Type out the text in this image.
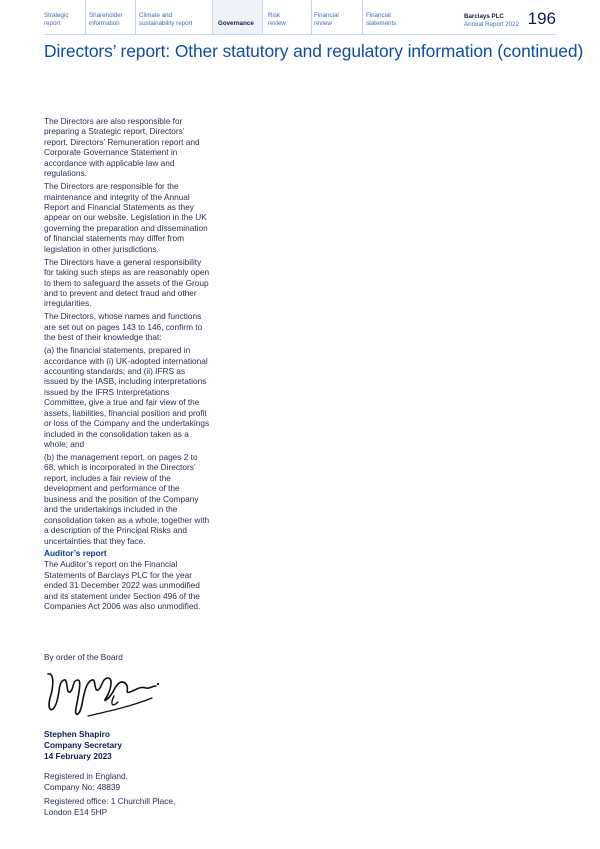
Strategic
report
Shareholder
information
Climate and
sustainability report	Governance
Risk
review
Financial
review
Financial
statements
Barclays PLC
Annual Report 2022 196
Directors’ report: Other statutory and regulatory information (continued)

The Directors are also responsible for preparing a Strategic report, Directors’ report, Directors’ Remuneration report and Corporate Governance Statement in accordance with applicable law and regulations.

The Directors are responsible for the maintenance and integrity of the Annual Report and Financial Statements as they appear on our website. Legislation in the UK governing the preparation and dissemination of financial statements may differ from legislation in other jurisdictions.

The Directors have a general responsibility for taking such steps as are reasonably open to them to safeguard the assets of the Group and to prevent and detect fraud and other irregularities.

The Directors, whose names and functions are set out on pages 143 to 146, confirm to the best of their knowledge that:

(a) the financial statements, prepared in accordance with (i) UK-adopted international accounting standards; and (ii) IFRS as issued by the IASB, including interpretations issued by the IFRS Interpretations Committee, give a true and fair view of the assets, liabilities, financial position and profit or loss of the Company and the undertakings included in the consolidation taken as a whole; and

(b) the management report, on pages 2 to 68, which is incorporated in the Directors’ report, includes a fair review of the development and performance of the business and the position of the Company and the undertakings included in the consolidation taken as a whole, together with a description of the Principal Risks and uncertainties that they face.

Auditor’s report

The Auditor’s report on the Financial Statements of Barclays PLC for the year ended 31 December 2022 was unmodified and its statement under Section 496 of the Companies Act 2006 was also unmodified.

By order of the Board
Stephen Shapiro
Company Secretary
14 February 2023
Registered in England.
Company No: 48839
Registered office: 1 Churchill Place,
London E14 5HP
